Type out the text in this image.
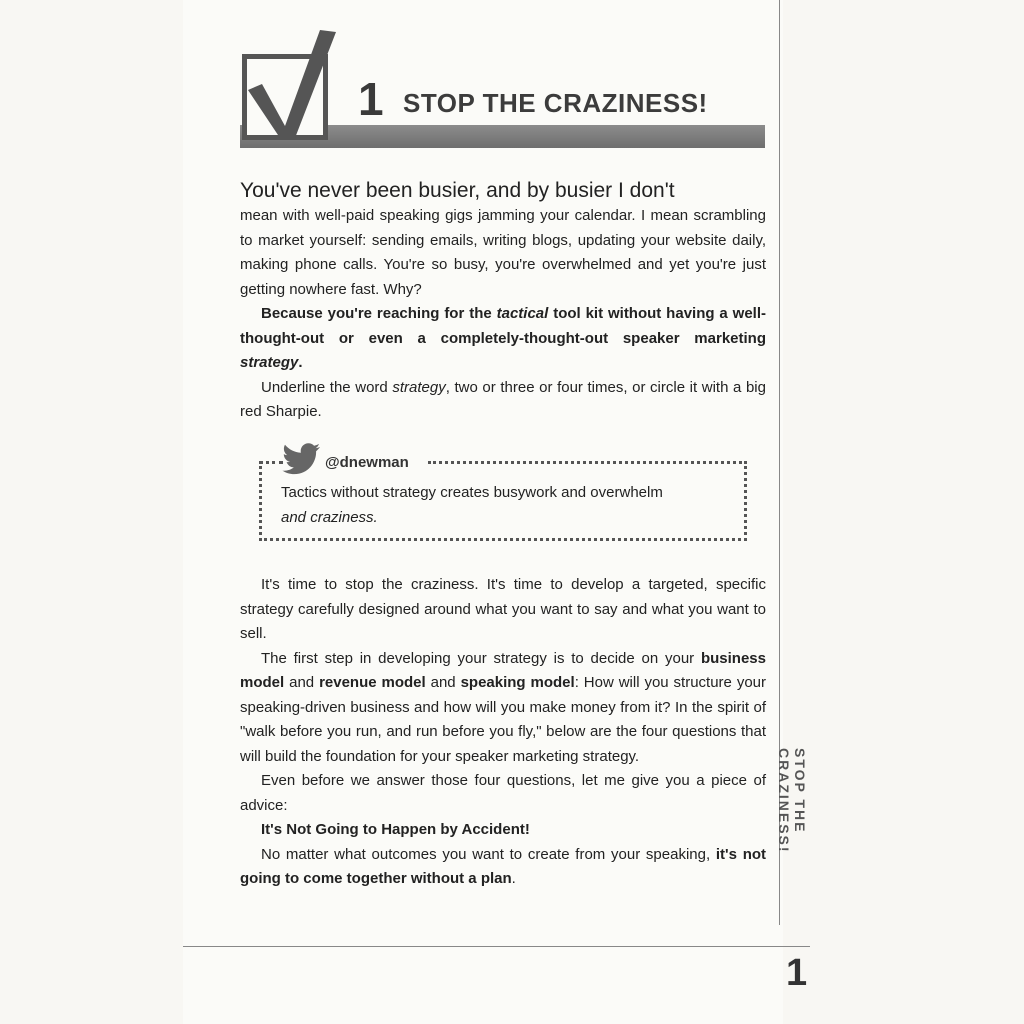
1 STOP THE CRAZINESS!

You've never been busier, and by busier I don't

mean with well-paid speaking gigs jamming your calendar. I mean scrambling to market yourself: sending emails, writing blogs, updating your website daily, making phone calls. You're so busy, you're overwhelmed and yet you're just getting nowhere fast. Why?

Because you're reaching for the tactical tool kit without having a well-thought-out or even a completely-thought-out speaker marketing strategy.

Underline the word strategy, two or three or four times, or circle it with a big red Sharpie.

@dnewman
Tactics without strategy creates busywork and overwhelm
and craziness.

It's time to stop the craziness. It's time to develop a targeted, specific strategy carefully designed around what you want to say and what you want to sell.

The first step in developing your strategy is to decide on your business model and revenue model and speaking model: How will you structure your speaking-driven business and how will you make money from it? In the spirit of "walk before you run, and run before you fly," below are the four questions that will build the foundation for your speaker marketing strategy.

Even before we answer those four questions, let me give you a piece of advice:

It's Not Going to Happen by Accident!

No matter what outcomes you want to create from your speaking, it's not going to come together without a plan.

STOP THE CRAZINESS!
1
